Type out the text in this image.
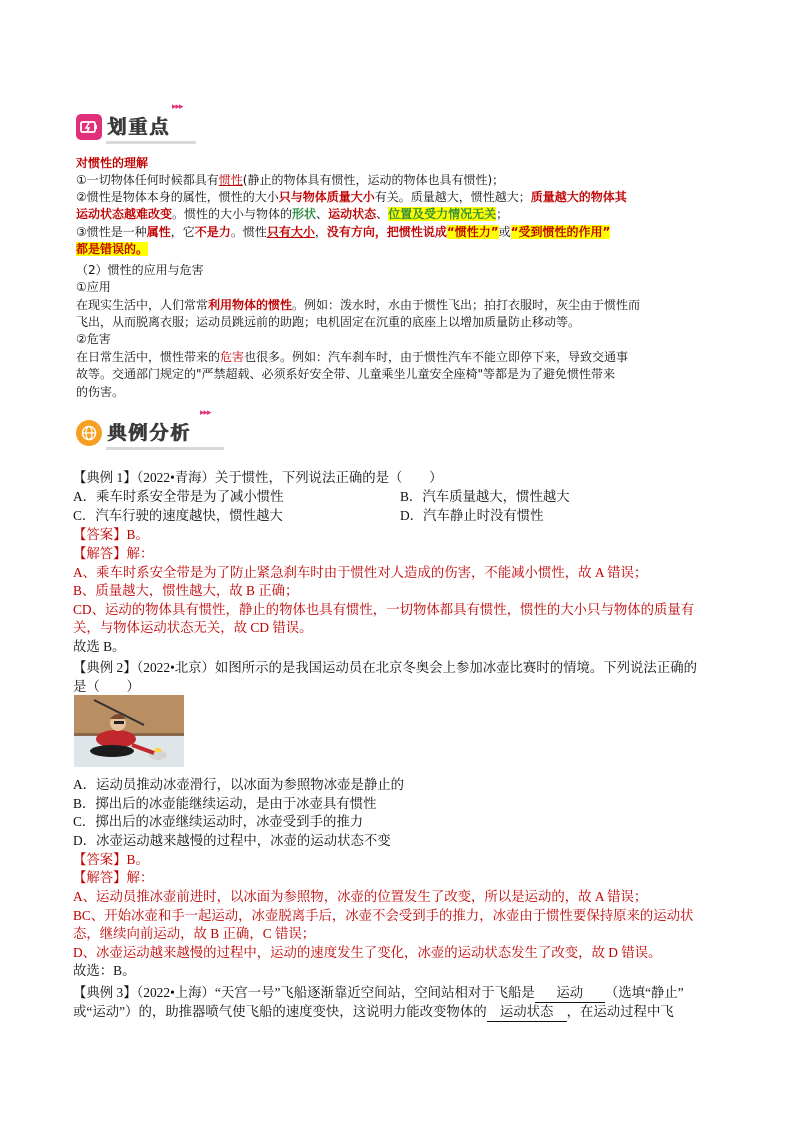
划重点
▸▸▸
对惯性的理解
①一切物体任何时候都具有惯性(静止的物体具有惯性，运动的物体也具有惯性)；
②惯性是物体本身的属性，惯性的大小只与物体质量大小有关。质量越大，惯性越大；质量越大的物体其
运动状态越难改变。惯性的大小与物体的形状、运动状态、位置及受力情况无关；
③惯性是一种属性，它不是力。惯性只有大小，没有方向，把惯性说成“惯性力”或“受到惯性的作用”
都是错误的。
（2）惯性的应用与危害
①应用
在现实生活中，人们常常利用物体的惯性。例如：泼水时，水由于惯性飞出；拍打衣服时，灰尘由于惯性而
飞出，从而脱离衣服；运动员跳远前的助跑；电机固定在沉重的底座上以增加质量防止移动等。
②危害
在日常生活中，惯性带来的危害也很多。例如：汽车刹车时，由于惯性汽车不能立即停下来，导致交通事
故等。交通部门规定的"严禁超载、必须系好安全带、儿童乘坐儿童安全座椅"等都是为了避免惯性带来
的伤害。
典例分析
▸▸▸
【典例 1】（2022•青海）关于惯性，下列说法正确的是（　　）
A．乘车时系安全带是为了减小惯性	B．汽车质量越大，惯性越大
C．汽车行驶的速度越快，惯性越大	D．汽车静止时没有惯性
【答案】B。
【解答】解：
A、乘车时系安全带是为了防止紧急刹车时由于惯性对人造成的伤害，不能减小惯性，故 A 错误；
B、质量越大，惯性越大，故 B 正确；
CD、运动的物体具有惯性，静止的物体也具有惯性，一切物体都具有惯性，惯性的大小只与物体的质量有
关，与物体运动状态无关，故 CD 错误。
故选 B。
【典例 2】（2022•北京）如图所示的是我国运动员在北京冬奥会上参加冰壶比赛时的情境。下列说法正确的
是（　　）
A．运动员推动冰壶滑行，以冰面为参照物冰壶是静止的
B．掷出后的冰壶能继续运动，是由于冰壶具有惯性
C．掷出后的冰壶继续运动时，冰壶受到手的推力
D．冰壶运动越来越慢的过程中，冰壶的运动状态不变
【答案】B。
【解答】解：
A、运动员推冰壶前进时，以冰面为参照物，冰壶的位置发生了改变，所以是运动的，故 A 错误；
BC、开始冰壶和手一起运动，冰壶脱离手后，冰壶不会受到手的推力，冰壶由于惯性要保持原来的运动状
态，继续向前运动，故 B 正确，C 错误；
D、冰壶运动越来越慢的过程中，运动的速度发生了变化，冰壶的运动状态发生了改变，故 D 错误。
故选：B。
【典例 3】（2022•上海）“天宫一号”飞船逐渐靠近空间站，空间站相对于飞船是 运动 （选填“静止”
或“运动”）的，助推器喷气使飞船的速度变快，这说明力能改变物体的 运动状态 ，在运动过程中飞
